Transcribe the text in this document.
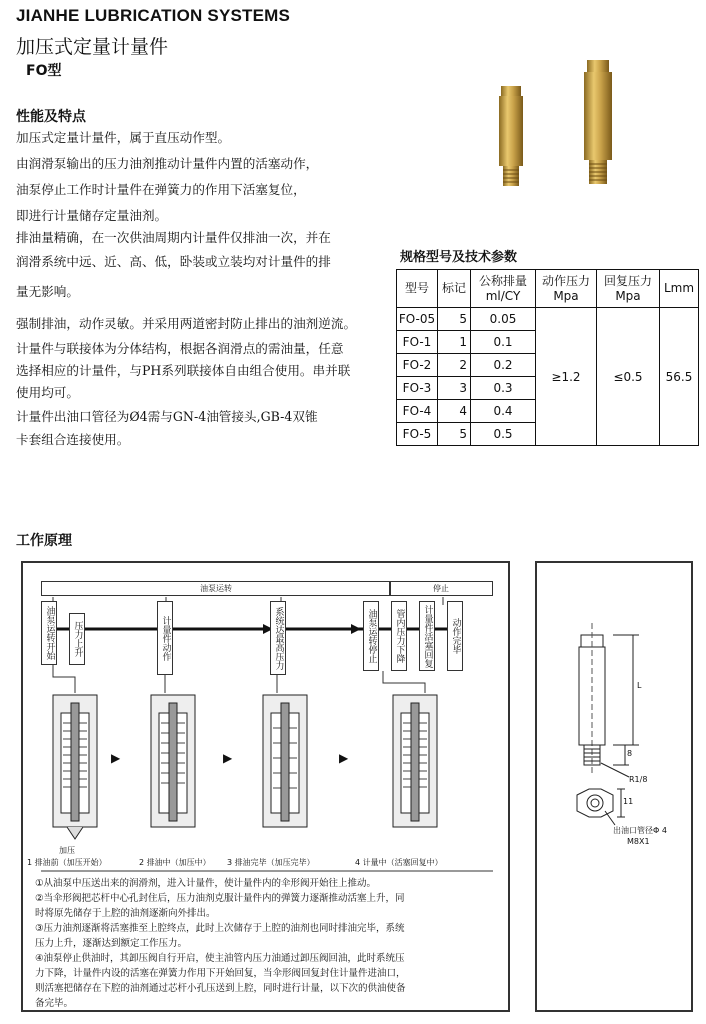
JIANHE LUBRICATION SYSTEMS
加压式定量计量件
FO型
性能及特点
加压式定量计量件，属于直压动作型。
由润滑泵输出的压力油剂推动计量件内置的活塞动作，
油泵停止工作时计量件在弹簧力的作用下活塞复位，
即进行计量储存定量油剂。
排油量精确，在一次供油周期内计量件仅排油一次，并在
润滑系统中远、近、高、低，卧装或立装均对计量件的排
量无影响。
强制排油，动作灵敏。并采用两道密封防止排出的油剂逆流。
计量件与联接体为分体结构，根据各润滑点的需油量，任意
选择相应的计量件，与PH系列联接体自由组合使用。串并联
使用均可。
计量件出油口管径为Ø4需与GN-4油管接头,GB-4双锥
卡套组合连接使用。
规格型号及技术参数
型号	标记	公称排量 ml/CY	动作压力 Mpa	回复压力 Mpa	Lmm
FO-05	5	0.05	≥1.2	≤0.5	56.5
FO-1	1	0.1			
FO-2	2	0.2			
FO-3	3	0.3			
FO-4	4	0.4			
FO-5	5	0.5			
工作原理
油泵运转	停止
油泵运转开始	压力上升	计量件动作	系统达最高压力	油泵运转停止	管内压力下降	计量件活塞回复	动作完毕
▶	▶	▶
加压
1 排油前（加压开始）	2 排油中（加压中） 3 排油完毕（加压完毕）	4 计量中（活塞回复中）
①从油泵中压送出来的润滑剂，进入计量件，使计量件内的伞形阀开始往上推动。
②当伞形阀把芯杆中心孔封住后，压力油剂克服计量件内的弹簧力逐渐推动活塞上升，同
时将原先储存于上腔的油剂逐渐向外排出。
③压力油剂逐渐将活塞推至上腔终点，此时上次储存于上腔的油剂也同时排油完毕，系统
压力上升，逐渐达到额定工作压力。
④油泵停止供油时，其卸压阀自行开启，使主油管内压力油通过卸压阀回油，此时系统压
力下降，计量件内设的活塞在弹簧力作用下开始回复，当伞形阀回复封住计量件进油口，
则活塞把储存在下腔的油剂通过芯杆小孔压送到上腔，同时进行计量，以下次的供油使备
备完毕。
L
8
R1/8
11
出油口管径Φ 4
M8X1
